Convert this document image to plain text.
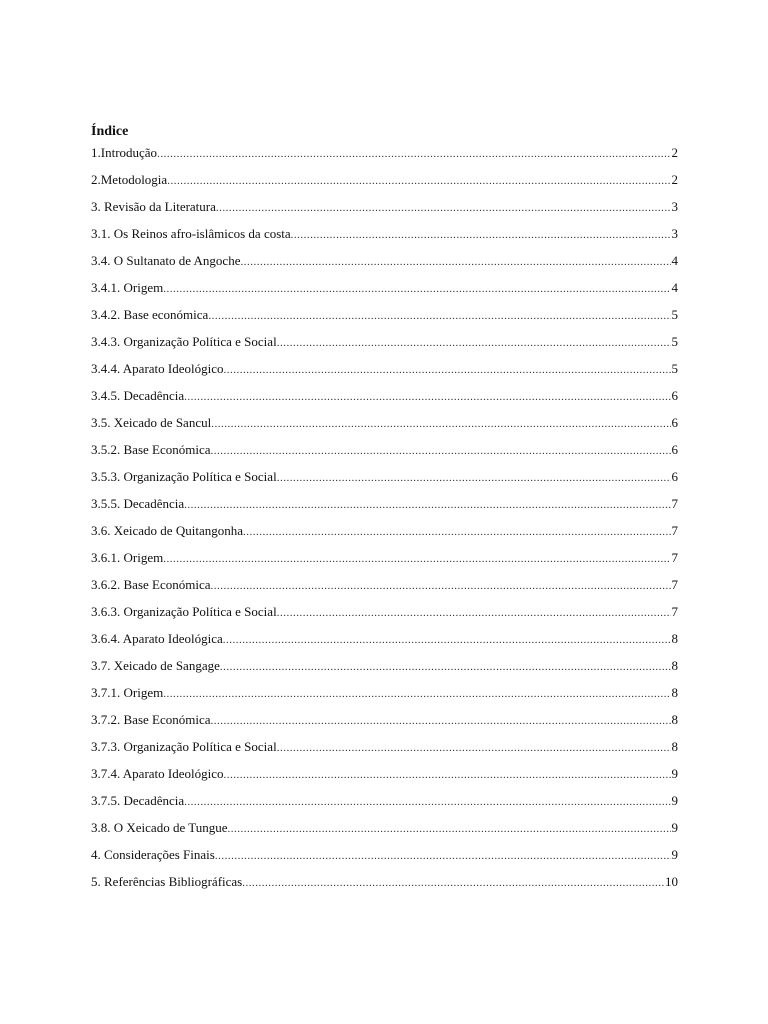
Índice
1.Introdução .....	2
2.Metodologia .....	2
3. Revisão da Literatura .....	3
3.1. Os Reinos afro-islâmicos da costa .....	3
3.4. O Sultanato de Angoche .....	4
3.4.1. Origem .....	4
3.4.2. Base económica .....	5
3.4.3. Organização Política e Social .....	5
3.4.4. Aparato Ideológico .....	5
3.4.5. Decadência .....	6
3.5. Xeicado de Sancul .....	6
3.5.2. Base Económica .....	6
3.5.3. Organização Política e Social .....	6
3.5.5. Decadência .....	7
3.6. Xeicado de Quitangonha .....	7
3.6.1. Origem .....	7
3.6.2. Base Económica .....	7
3.6.3. Organização Política e Social .....	7
3.6.4. Aparato Ideológica .....	8
3.7. Xeicado de Sangage .....	8
3.7.1. Origem .....	8
3.7.2. Base Económica .....	8
3.7.3. Organização Política e Social .....	8
3.7.4. Aparato Ideológico .....	9
3.7.5. Decadência .....	9
3.8. O Xeicado de Tungue .....	9
4. Considerações Finais .....	9
5. Referências Bibliográficas .....	10
